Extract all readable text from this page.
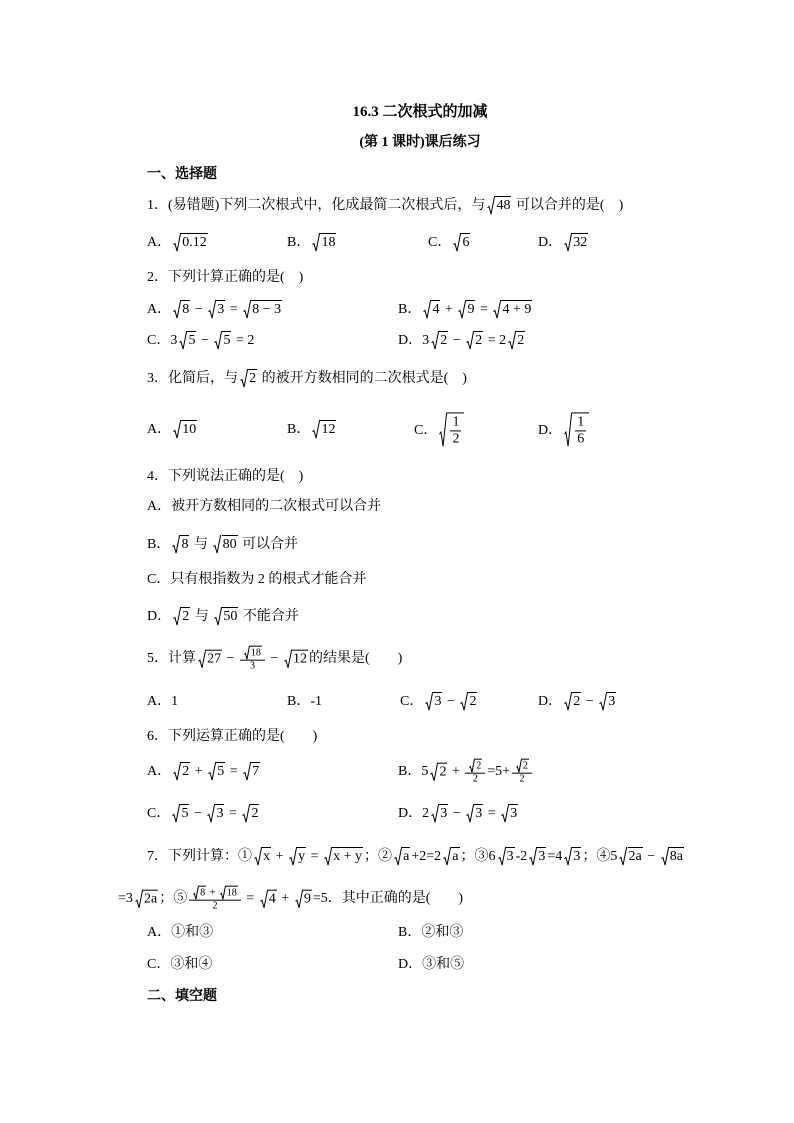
16.3 二次根式的加减
(第 1 课时)课后练习
一、选择题
1．(易错题)下列二次根式中，化成最简二次根式后，与 48 可以合并的是(　)
A． 0.12	B． 18	C． 6	D． 32
2．下列计算正确的是(　)
A． 8 −
3 =
8 − 3	B． 4 +
9 =
4 + 9
C．3 5 −
5 = 2	D．3 2 −
2 = 2 2
3．化简后，与 2 的被开方数相同的二次根式是(　)
A． 10	B． 12	C． $\frac{1}{2}$	D． $\frac{1}{6}$
4．下列说法正确的是(　)
A．被开方数相同的二次根式可以合并
B． 8 与
80 可以合并
C．只有根指数为 2 的根式才能合并
D． 2 与
50 不能合并
5．计算 $27 - \frac{18}{3}$ −
12 的结果是(　　)
A．1	B．-1	C． 3 −
2	D． 2 −
3
6．下列运算正确的是(　　)
A． 2 +
5 =
7	B．5 $2 + \frac{2}{2} =5+ \frac{2}{2}$
C． 5 −
3 =
2	D．2 3 −
3 =
3
7．下列计算：① x +
y =
x + y ；② a +2=2 a ；③6 3 -2 3 =4 3 ；④5 2a −
8a
=3 2a ；⑤ 8 +
18
2 =
4 +
9 =5．其中正确的是(　　)
A．①和③	B．②和③
C．③和④	D．③和⑤
二、填空题
